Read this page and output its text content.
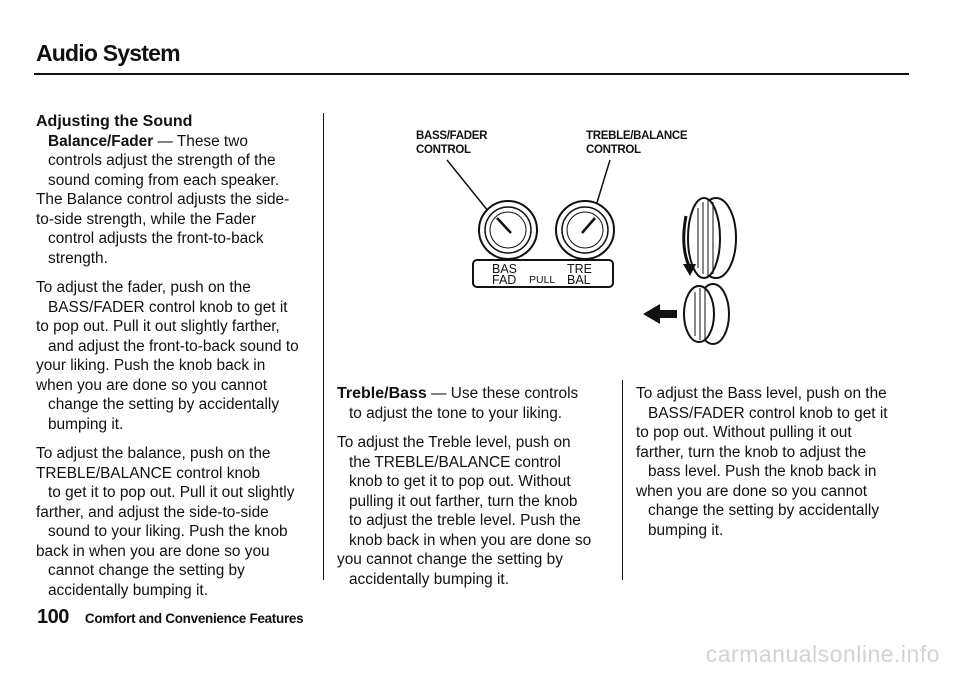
Audio System
Adjusting the Sound

Balance/Fader — These two
controls adjust the strength of the
sound coming from each speaker.
The Balance control adjusts the side-
to-side strength, while the Fader
control adjusts the front-to-back
strength.

To adjust the fader, push on the
BASS/FADER control knob to get it
to pop out. Pull it out slightly farther,
and adjust the front-to-back sound to
your liking. Push the knob back in
when you are done so you cannot
change the setting by accidentally
bumping it.

To adjust the balance, push on the
TREBLE/BALANCE control knob
to get it to pop out. Pull it out slightly
farther, and adjust the side-to-side
sound to your liking. Push the knob
back in when you are done so you
cannot change the setting by
accidentally bumping it.

BASS/FADER
CONTROL
TREBLE/BALANCE
CONTROL
BAS
FAD PULL
TRE
BAL

Treble/Bass — Use these controls
to adjust the tone to your liking.

To adjust the Treble level, push on
the TREBLE/BALANCE control
knob to get it to pop out. Without
pulling it out farther, turn the knob
to adjust the treble level. Push the
knob back in when you are done so
you cannot change the setting by
accidentally bumping it.

To adjust the Bass level, push on the
BASS/FADER control knob to get it
to pop out. Without pulling it out
farther, turn the knob to adjust the
bass level. Push the knob back in
when you are done so you cannot
change the setting by accidentally
bumping it.

100 Comfort and Convenience Features
carmanualsonline.info
